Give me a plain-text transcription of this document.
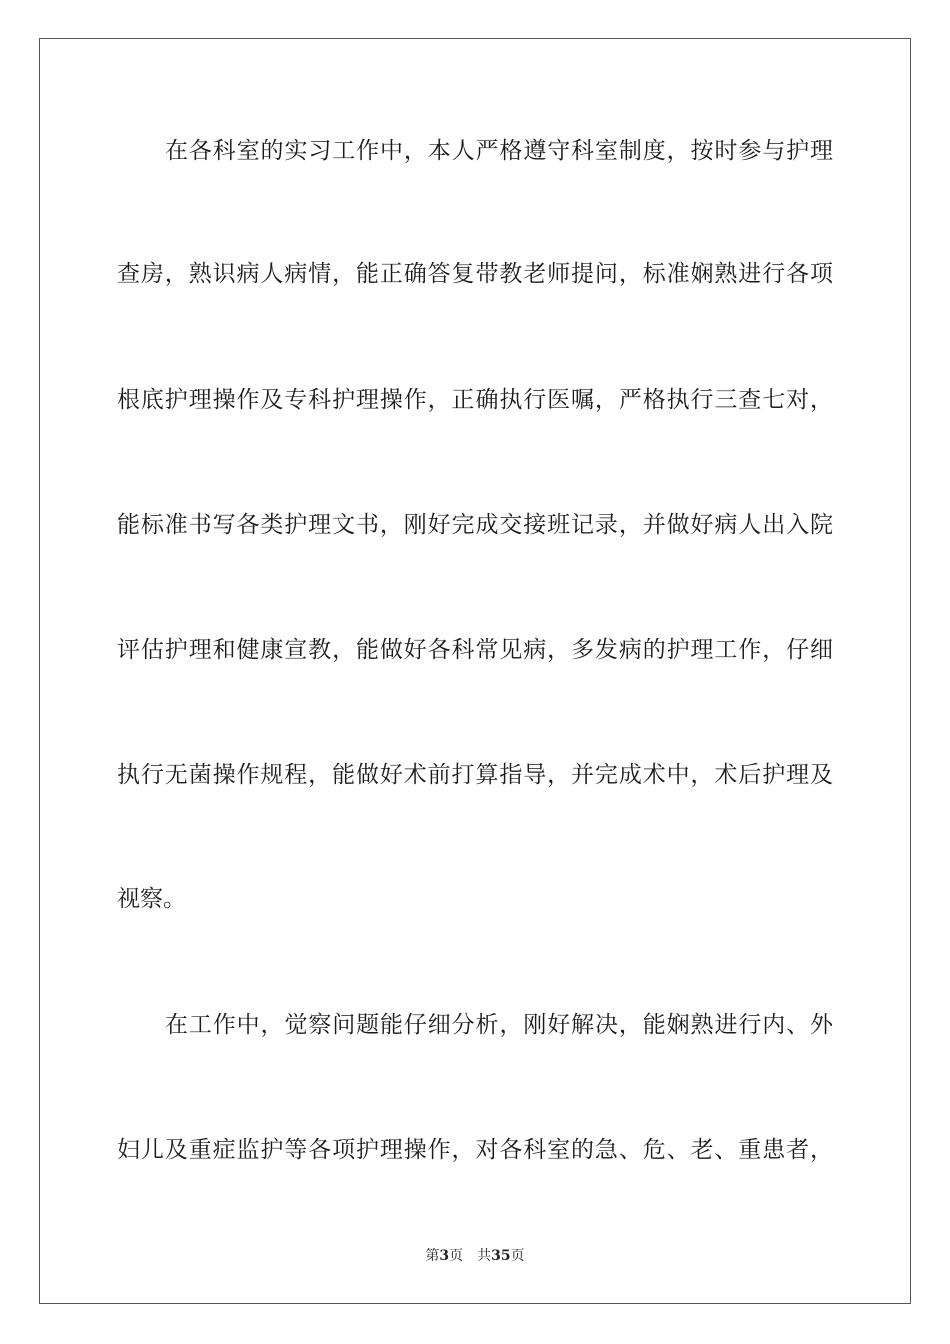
在各科室的实习工作中，本人严格遵守科室制度，按时参与护理
查房，熟识病人病情，能正确答复带教老师提问，标准娴熟进行各项
根底护理操作及专科护理操作，正确执行医嘱，严格执行三查七对，
能标准书写各类护理文书，刚好完成交接班记录，并做好病人出入院
评估护理和健康宣教，能做好各科常见病，多发病的护理工作，仔细
执行无菌操作规程，能做好术前打算指导，并完成术中，术后护理及
视察。
在工作中，觉察问题能仔细分析，刚好解决，能娴熟进行内、外
妇儿及重症监护等各项护理操作，对各科室的急、危、老、重患者，
第3页 共35页
